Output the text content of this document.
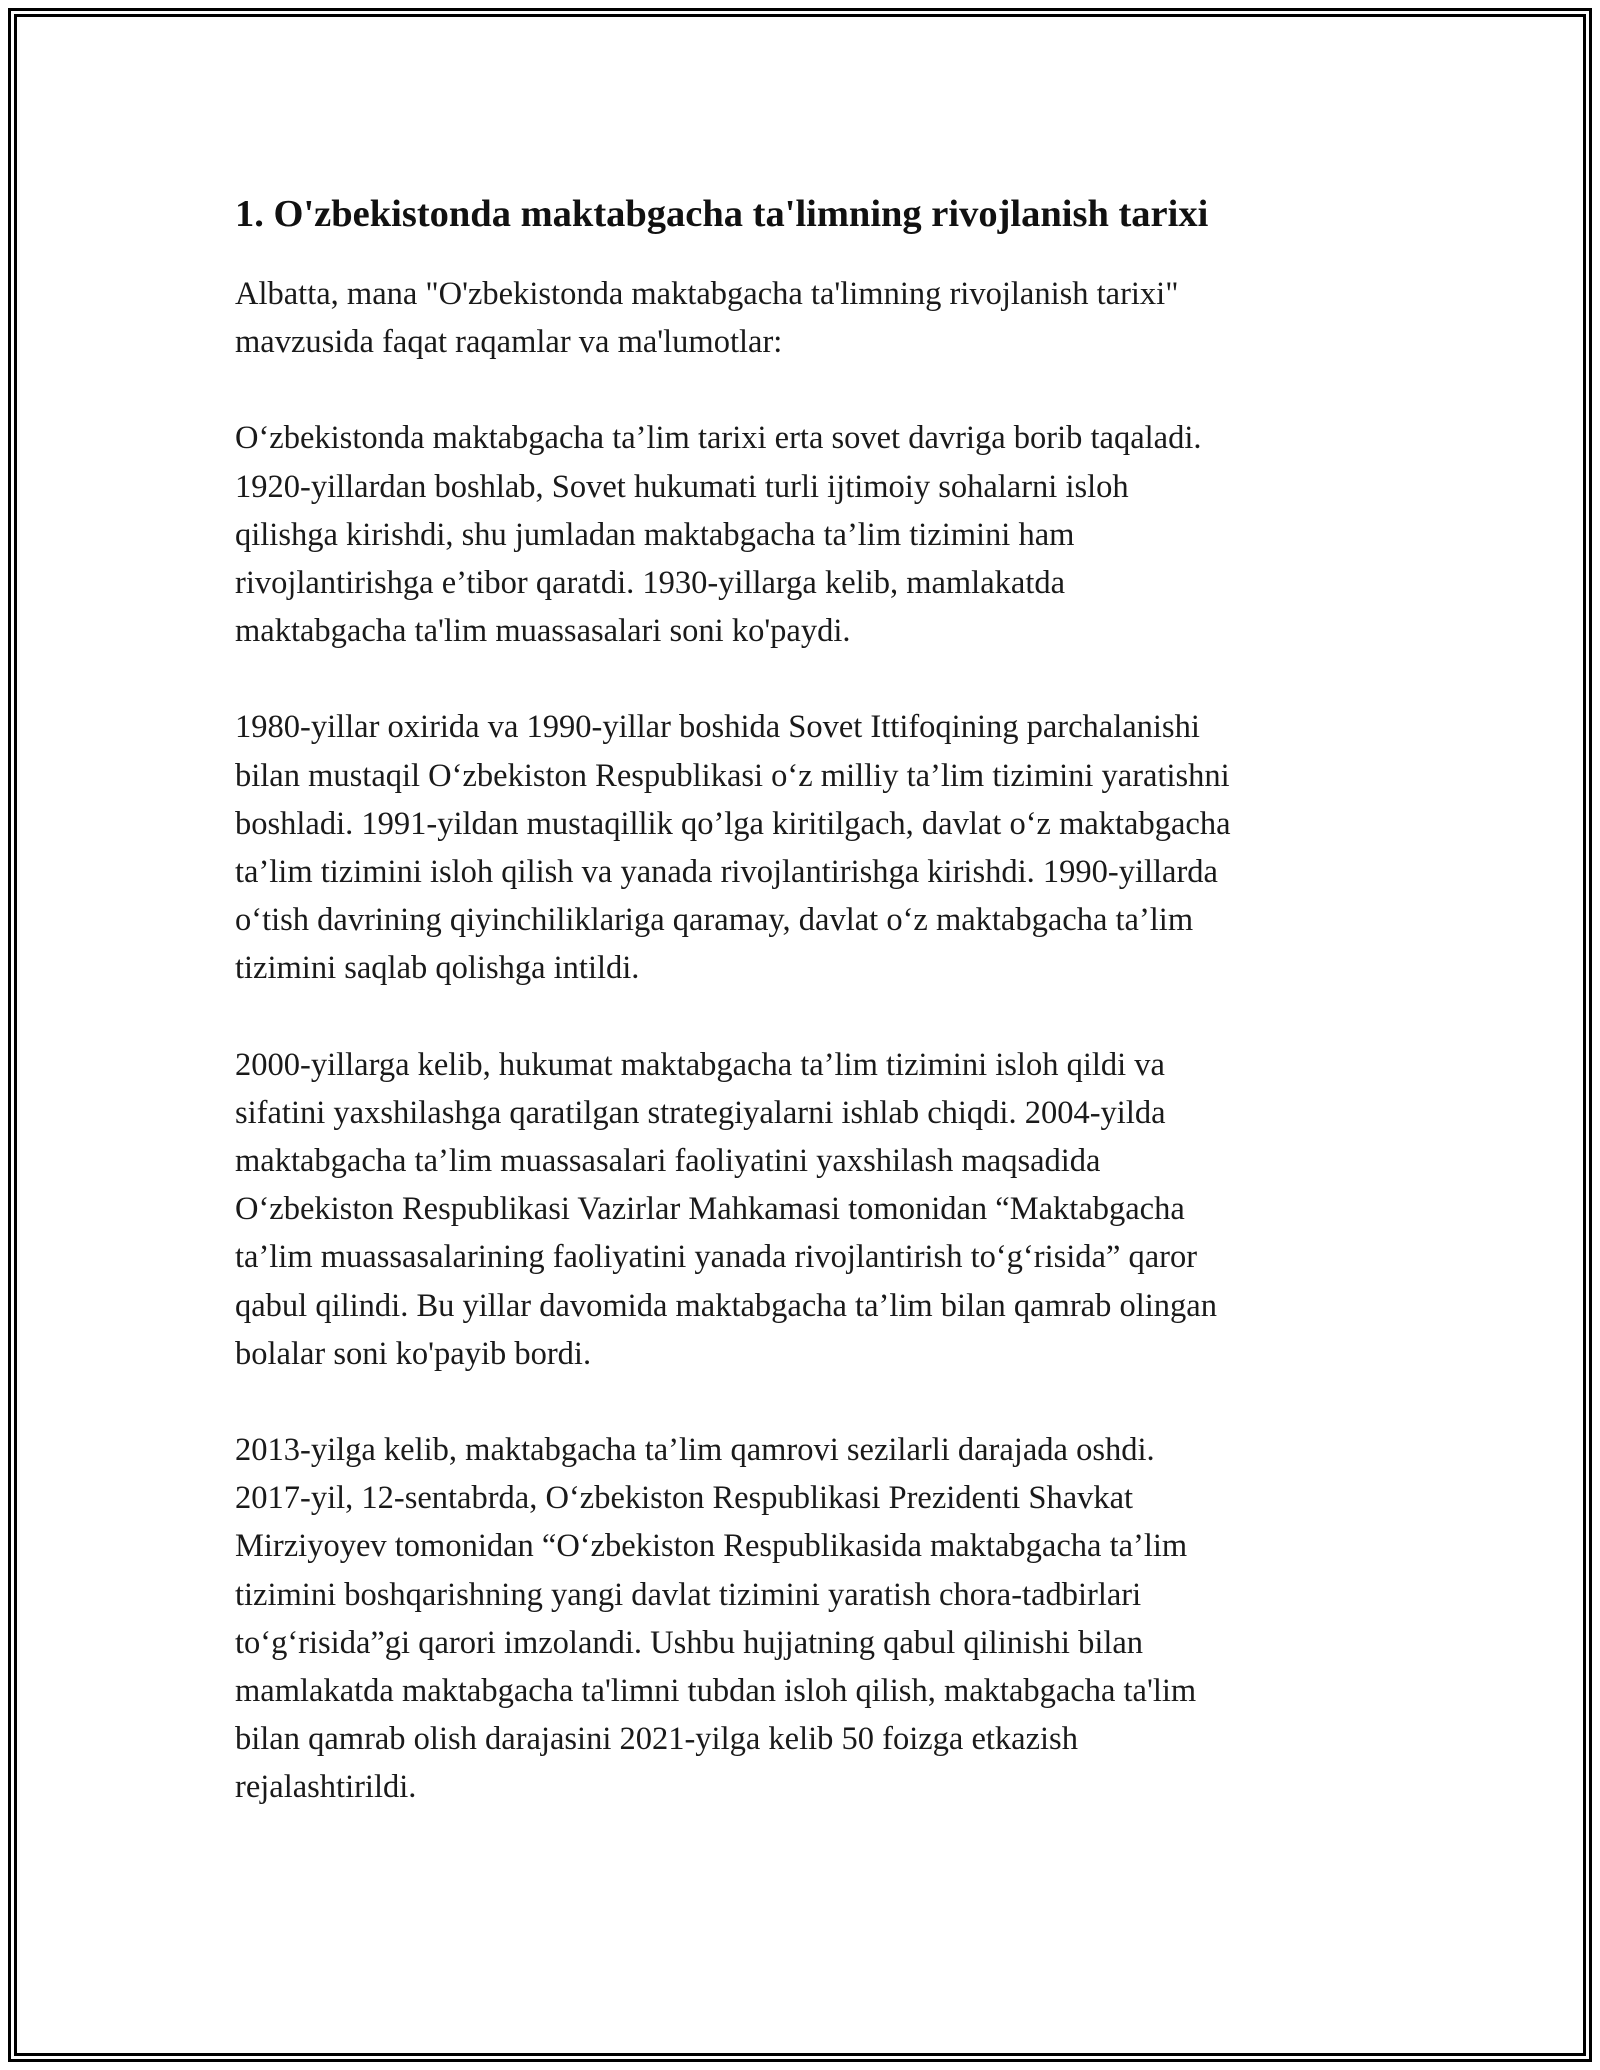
1. O'zbekistonda maktabgacha ta'limning rivojlanish tarixi
Albatta, mana "O'zbekistonda maktabgacha ta'limning rivojlanish tarixi"
mavzusida faqat raqamlar va ma'lumotlar:
O‘zbekistonda maktabgacha ta’lim tarixi erta sovet davriga borib taqaladi.
1920-yillardan boshlab, Sovet hukumati turli ijtimoiy sohalarni isloh
qilishga kirishdi, shu jumladan maktabgacha ta’lim tizimini ham
rivojlantirishga e’tibor qaratdi. 1930-yillarga kelib, mamlakatda
maktabgacha ta'lim muassasalari soni ko'paydi.
1980-yillar oxirida va 1990-yillar boshida Sovet Ittifoqining parchalanishi
bilan mustaqil O‘zbekiston Respublikasi o‘z milliy ta’lim tizimini yaratishni
boshladi. 1991-yildan mustaqillik qo’lga kiritilgach, davlat o‘z maktabgacha
ta’lim tizimini isloh qilish va yanada rivojlantirishga kirishdi. 1990-yillarda
o‘tish davrining qiyinchiliklariga qaramay, davlat o‘z maktabgacha ta’lim
tizimini saqlab qolishga intildi.
2000-yillarga kelib, hukumat maktabgacha ta’lim tizimini isloh qildi va
sifatini yaxshilashga qaratilgan strategiyalarni ishlab chiqdi. 2004-yilda
maktabgacha ta’lim muassasalari faoliyatini yaxshilash maqsadida
O‘zbekiston Respublikasi Vazirlar Mahkamasi tomonidan “Maktabgacha
ta’lim muassasalarining faoliyatini yanada rivojlantirish to‘g‘risida” qaror
qabul qilindi. Bu yillar davomida maktabgacha ta’lim bilan qamrab olingan
bolalar soni ko'payib bordi.
2013-yilga kelib, maktabgacha ta’lim qamrovi sezilarli darajada oshdi.
2017-yil, 12-sentabrda, O‘zbekiston Respublikasi Prezidenti Shavkat
Mirziyoyev tomonidan “O‘zbekiston Respublikasida maktabgacha ta’lim
tizimini boshqarishning yangi davlat tizimini yaratish chora-tadbirlari
to‘g‘risida”gi qarori imzolandi. Ushbu hujjatning qabul qilinishi bilan
mamlakatda maktabgacha ta'limni tubdan isloh qilish, maktabgacha ta'lim
bilan qamrab olish darajasini 2021-yilga kelib 50 foizga etkazish
rejalashtirildi.
